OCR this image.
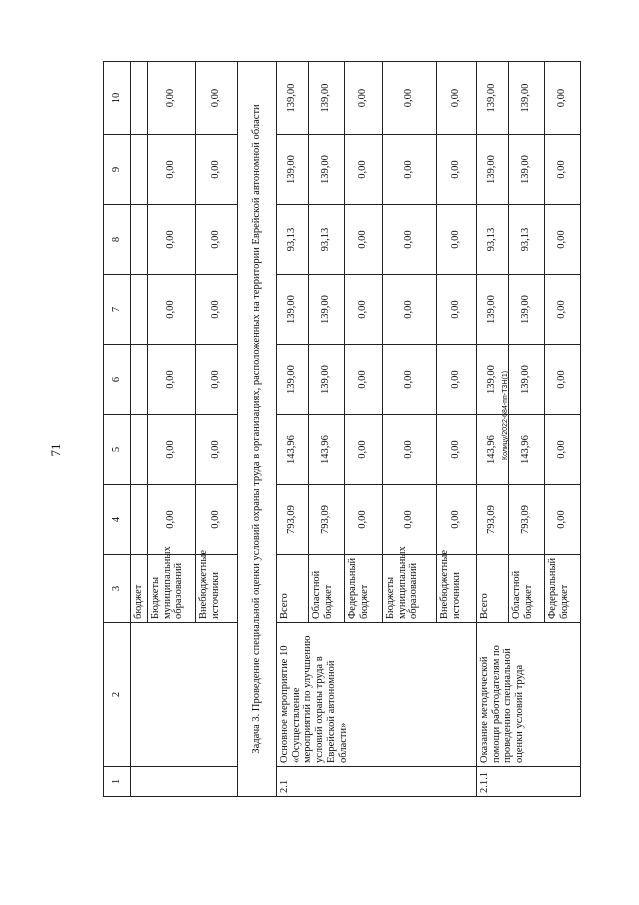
71	Колицу/2022-684-пп-ТЗН(1)
1	2	3	4	5	6	7	8	9	10
		бюджет							
		Бюджеты муниципальных образований	0,00	0,00	0,00	0,00	0,00	0,00	0,00
		Внебюджетные источники	0,00	0,00	0,00	0,00	0,00	0,00	0,00
Задача 3. Проведение специальной оценки условий охраны труда в организациях, расположенных на территории Еврейской автономной области									
2.1	Основное мероприятие 10 «Осуществление мероприятий по улучшению условий охраны труда в Еврейской автономной области»	Всего	793,09	143,96	139,00	139,00	93,13	139,00	139,00
		Областной бюджет	793,09	143,96	139,00	139,00	93,13	139,00	139,00
		Федеральный бюджет	0,00	0,00	0,00	0,00	0,00	0,00	0,00
		Бюджеты муниципальных образований	0,00	0,00	0,00	0,00	0,00	0,00	0,00
		Внебюджетные источники	0,00	0,00	0,00	0,00	0,00	0,00	0,00
2.1.1	Оказание методической помощи работодателям по проведению специальной оценки условий труда	Всего	793,09	143,96	139,00	139,00	93,13	139,00	139,00
		Областной бюджет	793,09	143,96	139,00	139,00	93,13	139,00	139,00
		Федеральный бюджет	0,00	0,00	0,00	0,00	0,00	0,00	0,00
